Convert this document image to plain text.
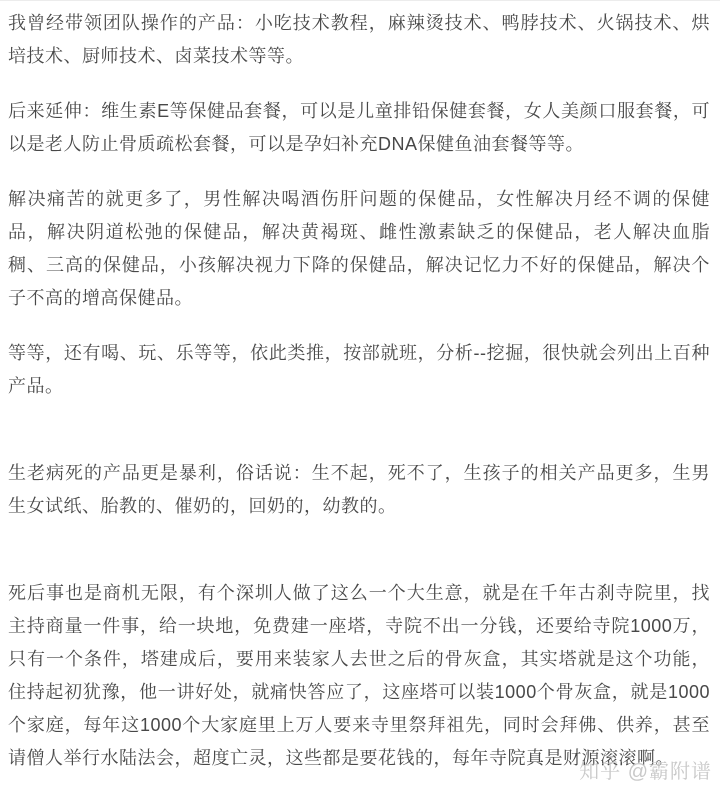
我曾经带领团队操作的产品：小吃技术教程，麻辣烫技术、鸭脖技术、火锅技术、烘培技术、厨师技术、卤菜技术等等。

后来延伸：维生素E等保健品套餐，可以是儿童排铅保健套餐，女人美颜口服套餐，可以是老人防止骨质疏松套餐，可以是孕妇补充DNA保健鱼油套餐等等。

解决痛苦的就更多了，男性解决喝酒伤肝问题的保健品，女性解决月经不调的保健品，解决阴道松弛的保健品，解决黄褐斑、雌性激素缺乏的保健品，老人解决血脂稠、三高的保健品，小孩解决视力下降的保健品，解决记忆力不好的保健品，解决个子不高的增高保健品。

等等，还有喝、玩、乐等等，依此类推，按部就班，分析--挖掘，很快就会列出上百种产品。

生老病死的产品更是暴利，俗话说：生不起，死不了，生孩子的相关产品更多，生男生女试纸、胎教的、催奶的，回奶的，幼教的。

死后事也是商机无限，有个深圳人做了这么一个大生意，就是在千年古刹寺院里，找主持商量一件事，给一块地，免费建一座塔，寺院不出一分钱，还要给寺院1000万，只有一个条件，塔建成后，要用来装家人去世之后的骨灰盒，其实塔就是这个功能，住持起初犹豫，他一讲好处，就痛快答应了，这座塔可以装1000个骨灰盒，就是1000个家庭，每年这1000个大家庭里上万人要来寺里祭拜祖先，同时会拜佛、供养，甚至请僧人举行水陆法会，超度亡灵，这些都是要花钱的，每年寺院真是财源滚滚啊。

知乎 @霸附谱
